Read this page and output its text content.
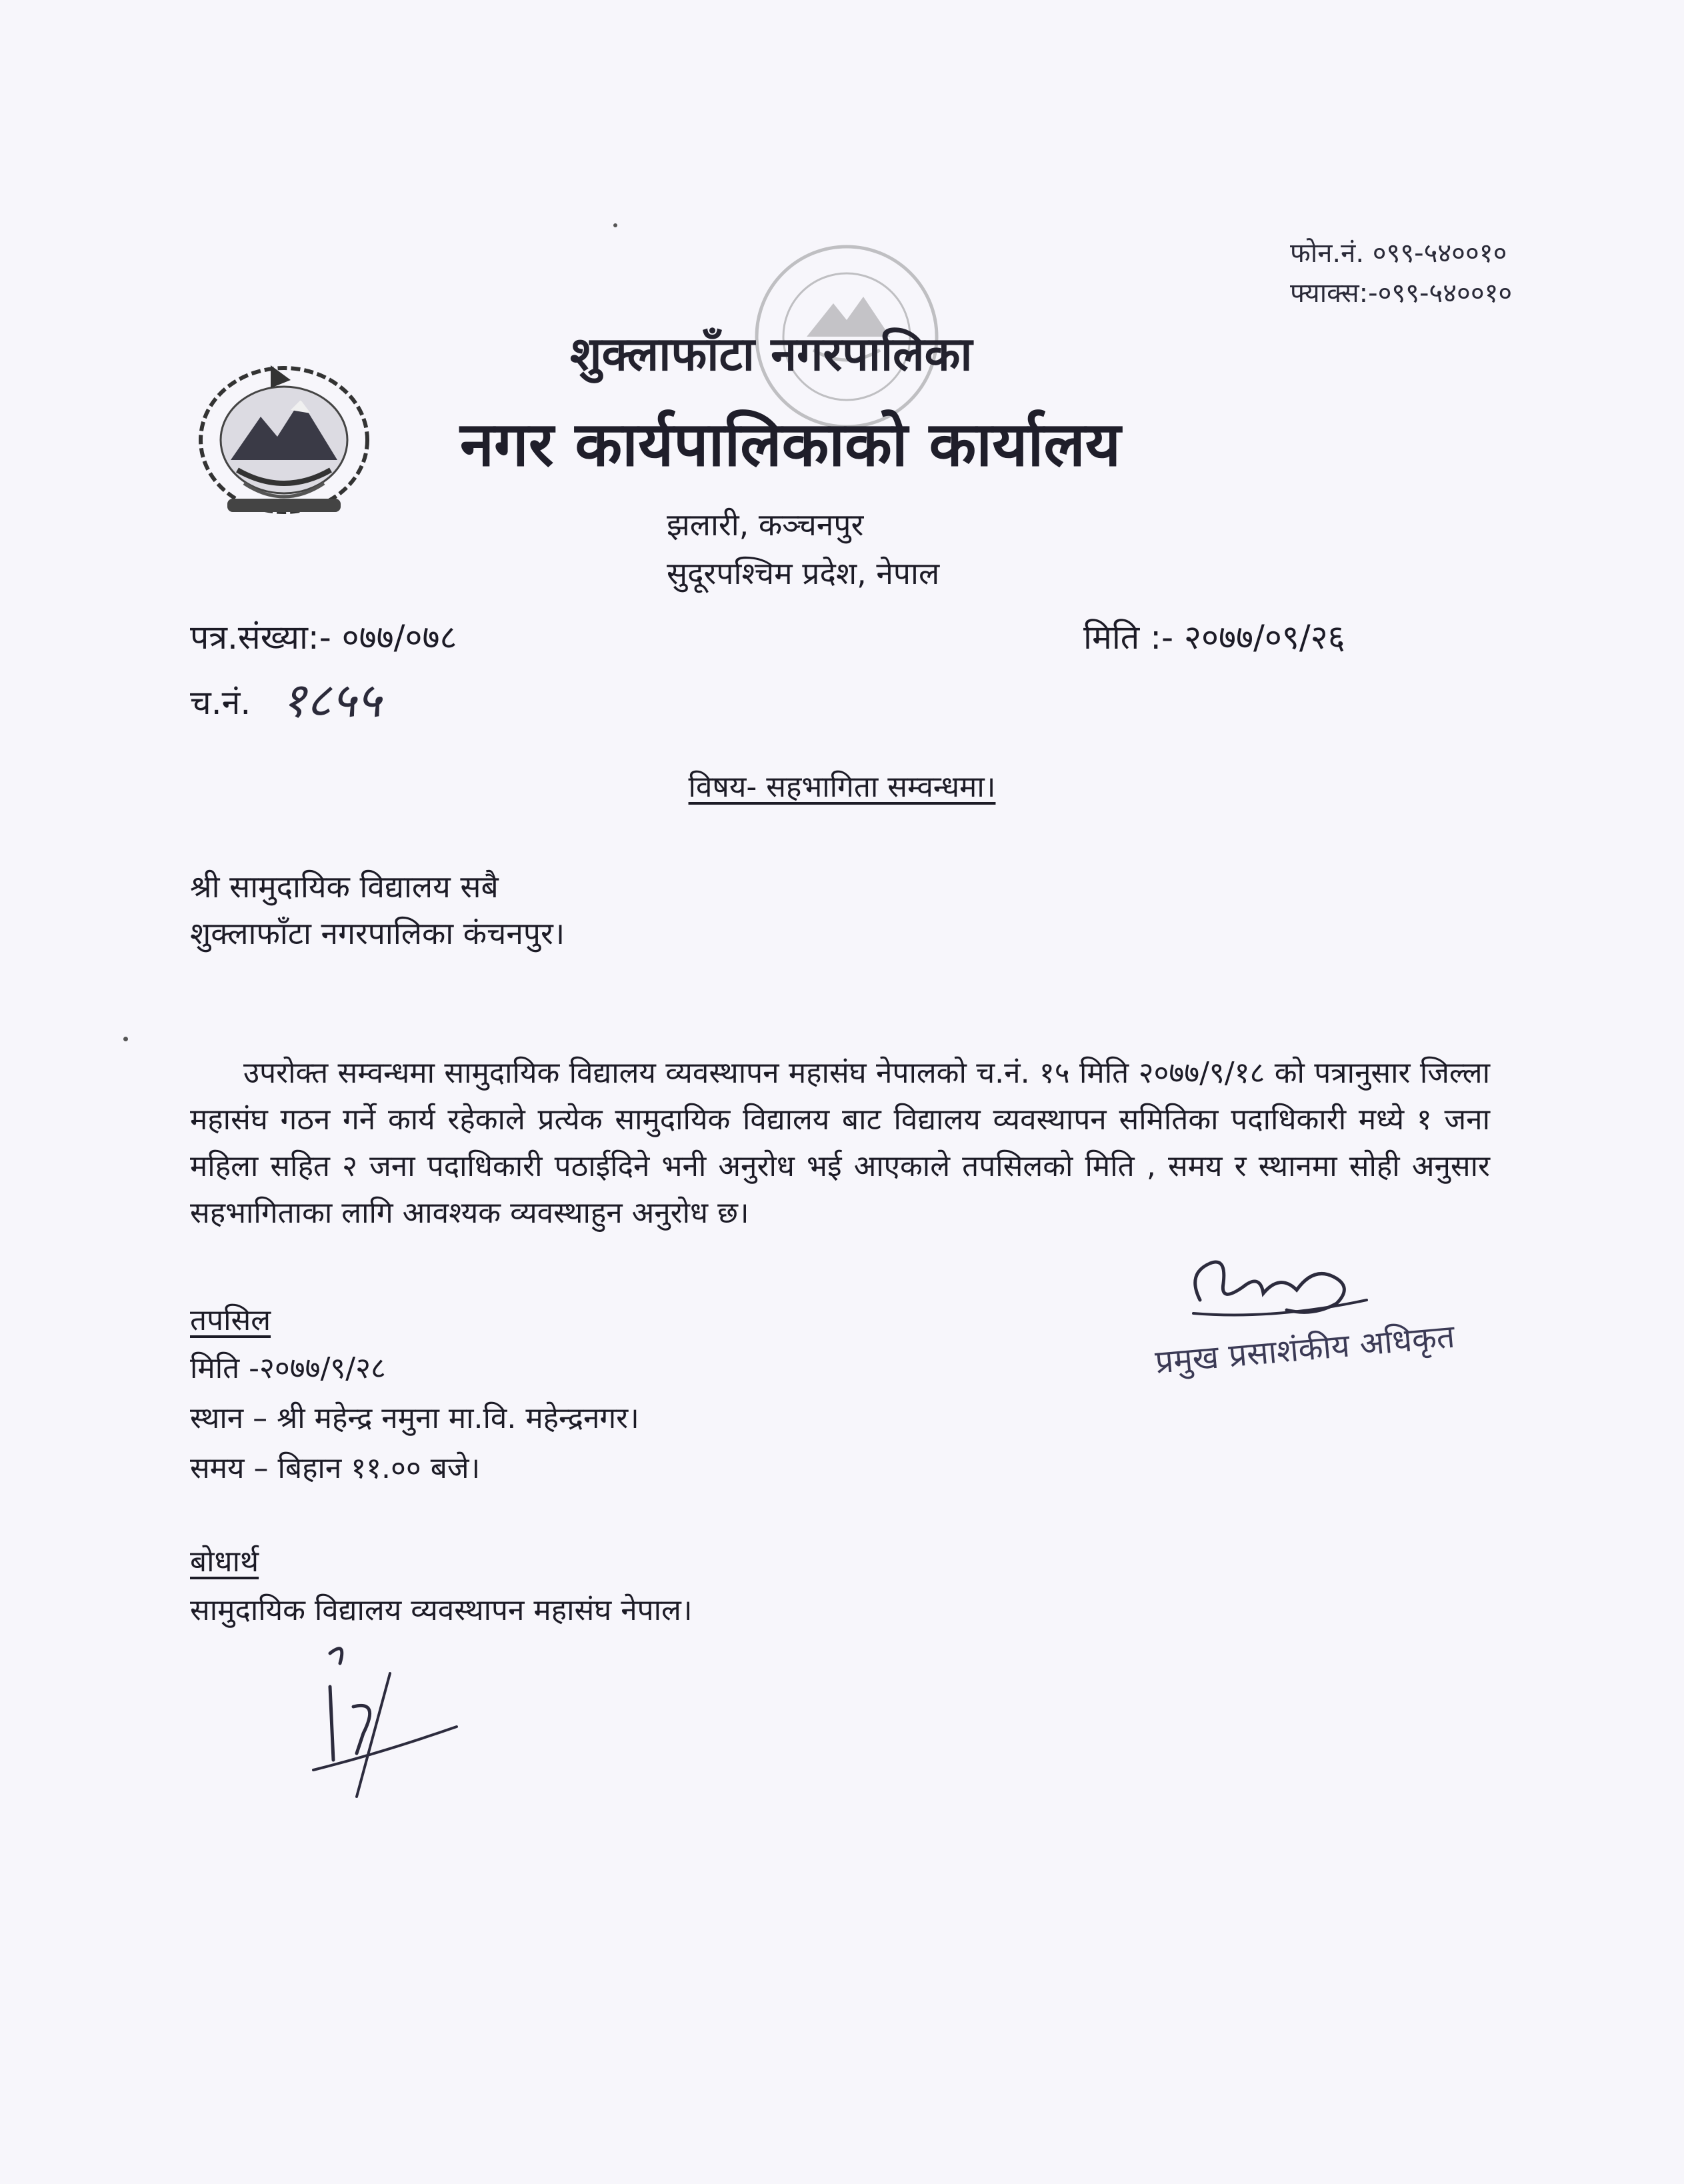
फोन.नं. ०९९-५४००१०
फ्याक्स:-०९९-५४००१०
शुक्लाफाँटा नगरपालिका
नगर कार्यपालिकाको कार्यालय
झलारी, कञ्चनपुर
सुदूरपश्चिम प्रदेश, नेपाल
पत्र.संख्या:- ०७७/०७८	मिति :- २०७७/०९/२६
च.नं. १८५५
विषय- सहभागिता सम्वन्धमा।
श्री सामुदायिक विद्यालय सबै
शुक्लाफाँटा नगरपालिका कंचनपुर।
उपरोक्त सम्वन्धमा सामुदायिक विद्यालय व्यवस्थापन महासंघ नेपालको च.नं. १५ मिति २०७७/९/१८ को पत्रानुसार जिल्ला महासंघ गठन गर्ने कार्य रहेकाले प्रत्येक सामुदायिक विद्यालय बाट विद्यालय व्यवस्थापन समितिका पदाधिकारी मध्ये १ जना महिला सहित २ जना पदाधिकारी पठाईदिने भनी अनुरोध भई आएकाले तपसिलको मिति , समय र स्थानमा सोही अनुसार सहभागिताका लागि आवश्यक व्यवस्थाहुन अनुरोध छ।
प्रमुख प्रसाशंकीय अधिकृत
तपसिल
मिति -२०७७/९/२८
स्थान – श्री महेन्द्र नमुना मा.वि. महेन्द्रनगर।
समय – बिहान ११.०० बजे।
बोधार्थ
सामुदायिक विद्यालय व्यवस्थापन महासंघ नेपाल।
